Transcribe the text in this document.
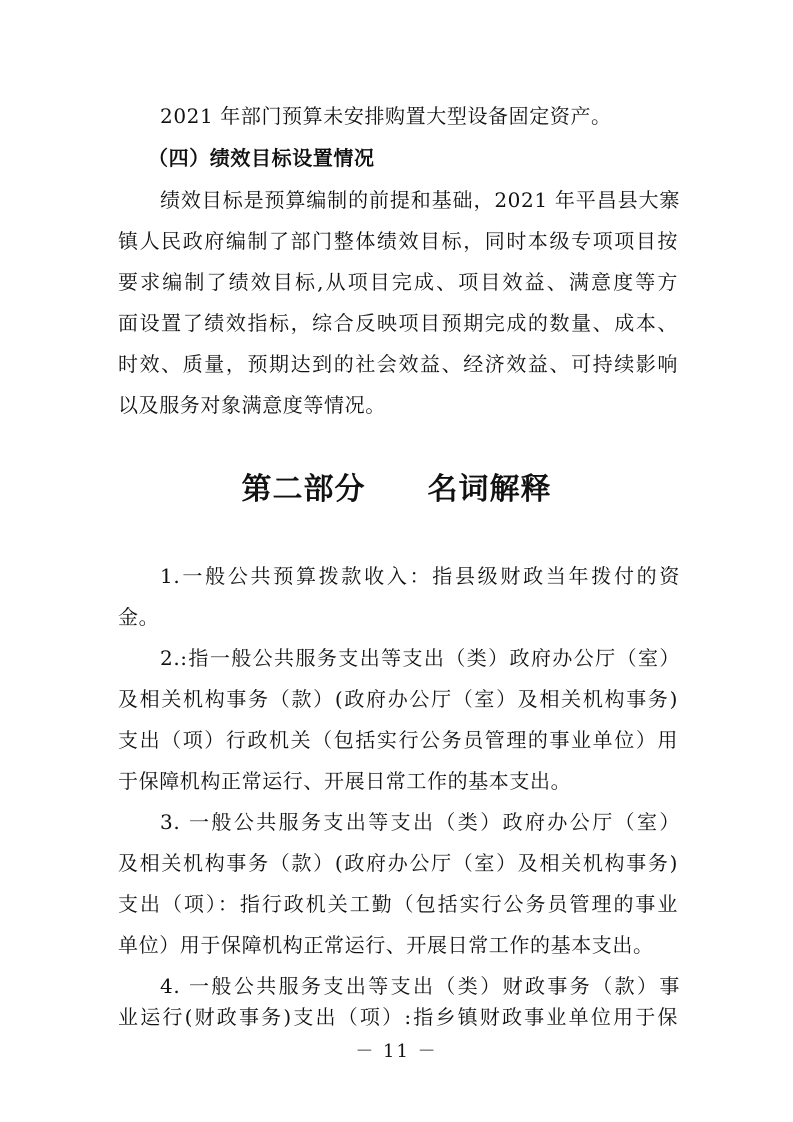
2021 年部门预算未安排购置大型设备固定资产。
（四）绩效目标设置情况
绩效目标是预算编制的前提和基础，2021 年平昌县大寨
镇人民政府编制了部门整体绩效目标，同时本级专项项目按
要求编制了绩效目标,从项目完成、项目效益、满意度等方
面设置了绩效指标，综合反映项目预期完成的数量、成本、
时效、质量，预期达到的社会效益、经济效益、可持续影响
以及服务对象满意度等情况。
第二部分　　名词解释
1.一般公共预算拨款收入：指县级财政当年拨付的资
金。
2.:指一般公共服务支出等支出（类）政府办公厅（室）
及相关机构事务（款）(政府办公厅（室）及相关机构事务)
支出（项）行政机关（包括实行公务员管理的事业单位）用
于保障机构正常运行、开展日常工作的基本支出。
3. 一般公共服务支出等支出（类）政府办公厅（室）
及相关机构事务（款）(政府办公厅（室）及相关机构事务)
支出（项）：指行政机关工勤（包括实行公务员管理的事业
单位）用于保障机构正常运行、开展日常工作的基本支出。
4. 一般公共服务支出等支出（类）财政事务（款）事
业运行(财政事务)支出（项）:指乡镇财政事业单位用于保
－ 11 －
